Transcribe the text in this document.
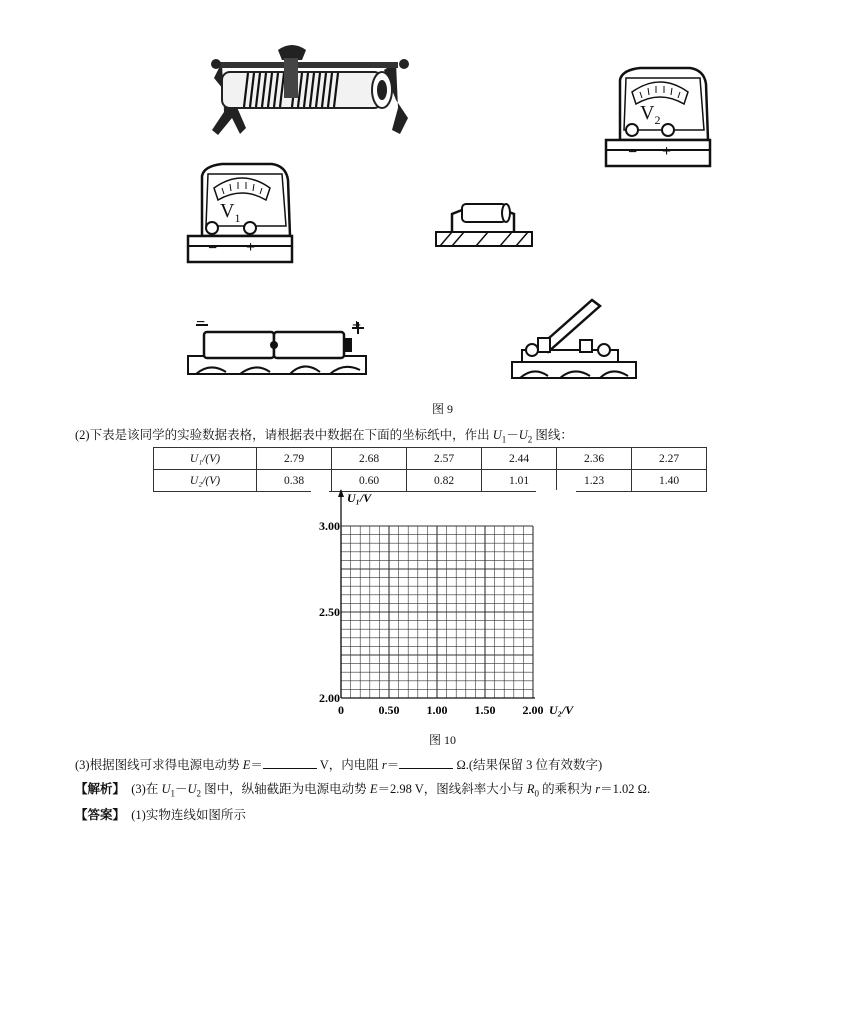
$V_2$
− +
$V_1$
− +
−	+
图 9
(2)下表是该同学的实验数据表格，请根据表中数据在下面的坐标纸中，作出 $U_1-U_2$ 图线：
U₁/(V)	2.79	2.68	2.57	2.44	2.36	2.27
U₂/(V)	0.38	0.60	0.82	1.01	1.23	1.40
U₁/V
2.00
2.50
3.00
0	0.50 1.00 1.50 2.00 U₂/V
图 10
(3)根据图线可求得电源电动势 E＝	V，内电阻 r＝	Ω.(结果保留 3 位有效数字)
【解析】 (3)在 $U_1-U_2$ 图中，纵轴截距为电源电动势 E＝2.98 V，图线斜率大小与 $R_0$ 的乘积为 r＝1.02 Ω.
【答案】 (1)实物连线如图所示
